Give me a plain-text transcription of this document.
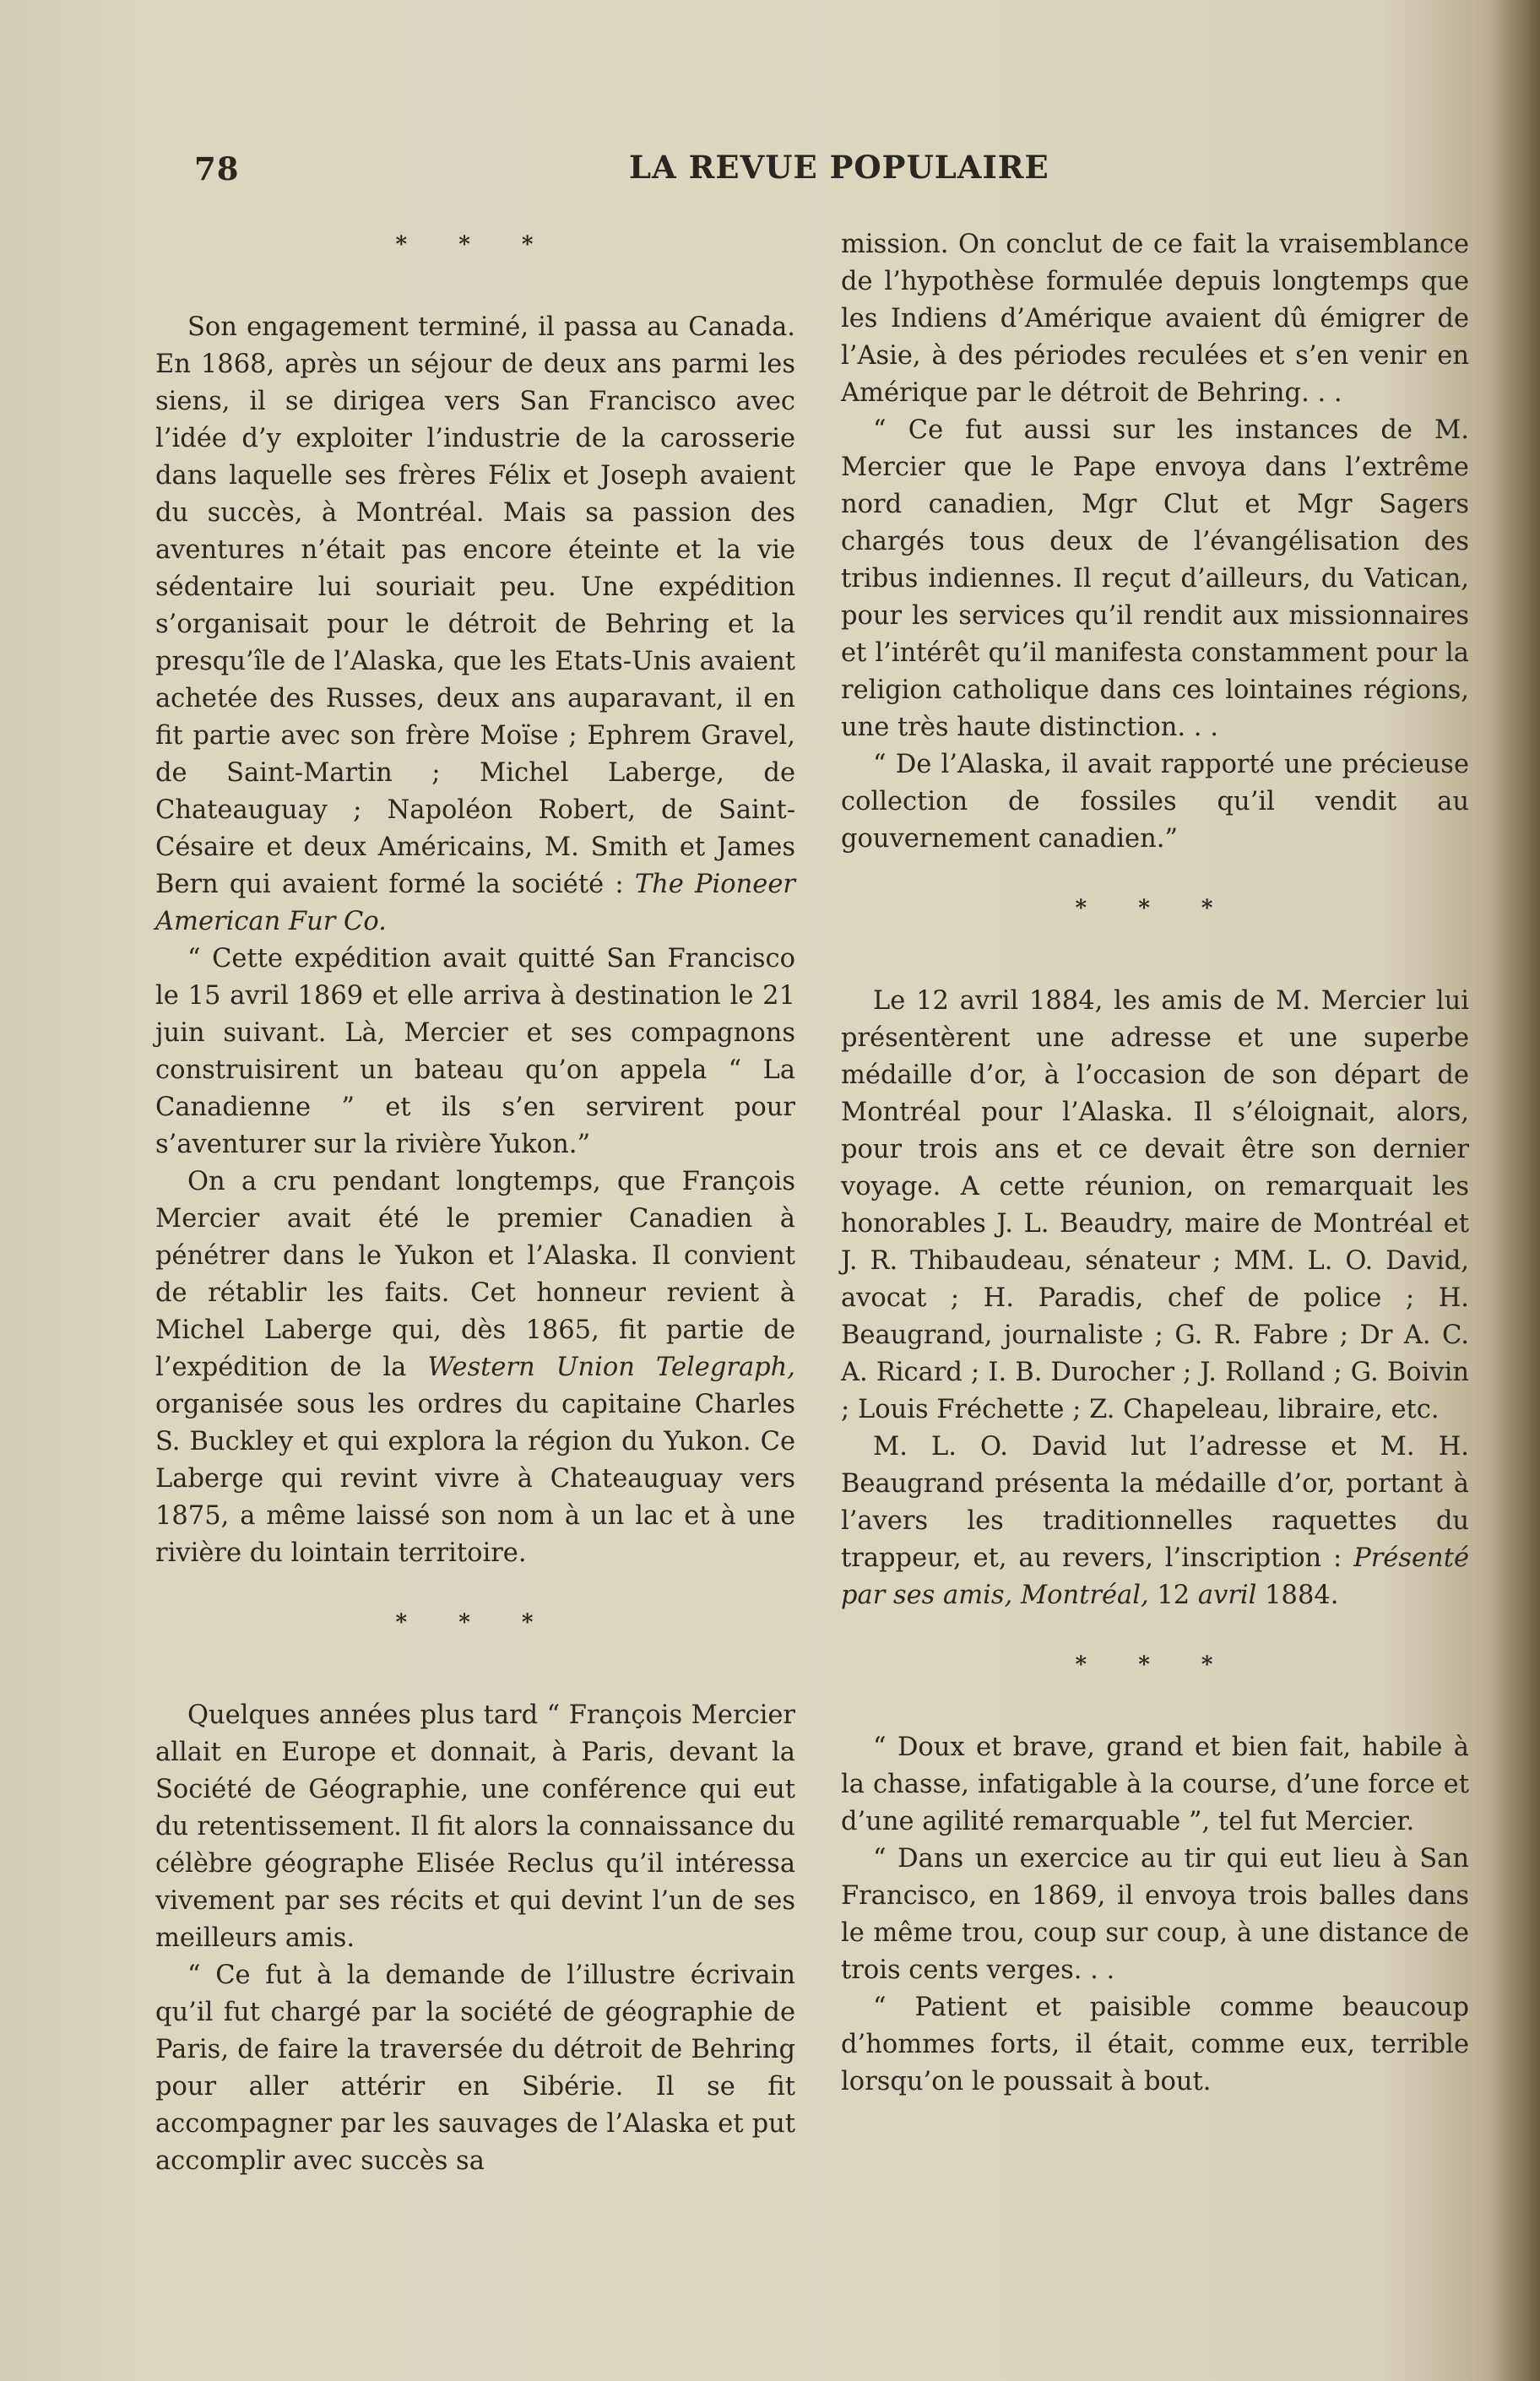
78	LA REVUE POPULAIRE
* * *

Son engagement terminé, il passa au Canada. En 1868, après un séjour de deux ans parmi les siens, il se dirigea vers San Francisco avec l’idée d’y exploiter l’industrie de la carosserie dans laquelle ses frères Félix et Joseph avaient du succès, à Montréal. Mais sa passion des aventures n’était pas encore éteinte et la vie sédentaire lui souriait peu. Une expédition s’organisait pour le détroit de Behring et la presqu’île de l’Alaska, que les Etats-Unis avaient achetée des Russes, deux ans auparavant, il en fit partie avec son frère Moïse ; Ephrem Gravel, de Saint-Martin ; Michel Laberge, de Chateauguay ; Napoléon Robert, de Saint-Césaire et deux Américains, M. Smith et James Bern qui avaient formé la société : The Pioneer American Fur Co.

“ Cette expédition avait quitté San Francisco le 15 avril 1869 et elle arriva à destination le 21 juin suivant. Là, Mercier et ses compagnons construisirent un bateau qu’on appela “ La Canadienne ” et ils s’en servirent pour s’aventurer sur la rivière Yukon.”

On a cru pendant longtemps, que François Mercier avait été le premier Canadien à pénétrer dans le Yukon et l’Alaska. Il convient de rétablir les faits. Cet honneur revient à Michel Laberge qui, dès 1865, fit partie de l’expédition de la Western Union Telegraph, organisée sous les ordres du capitaine Charles S. Buckley et qui explora la région du Yukon. Ce Laberge qui revint vivre à Chateauguay vers 1875, a même laissé son nom à un lac et à une rivière du lointain territoire.

* * *

Quelques années plus tard “ François Mercier allait en Europe et donnait, à Paris, devant la Société de Géographie, une conférence qui eut du retentissement. Il fit alors la connaissance du célèbre géographe Elisée Reclus qu’il intéressa vivement par ses récits et qui devint l’un de ses meilleurs amis.

“ Ce fut à la demande de l’illustre écrivain qu’il fut chargé par la société de géographie de Paris, de faire la traversée du détroit de Behring pour aller attérir en Sibérie. Il se fit accompagner par les sauvages de l’Alaska et put accomplir avec succès sa

mission. On conclut de ce fait la vraisemblance de l’hypothèse formulée depuis longtemps que les Indiens d’Amérique avaient dû émigrer de l’Asie, à des périodes reculées et s’en venir en Amérique par le détroit de Behring. . .

“ Ce fut aussi sur les instances de M. Mercier que le Pape envoya dans l’extrême nord canadien, Mgr Clut et Mgr Sagers chargés tous deux de l’évangélisation des tribus indiennes. Il reçut d’ailleurs, du Vatican, pour les services qu’il rendit aux missionnaires et l’intérêt qu’il manifesta constamment pour la religion catholique dans ces lointaines régions, une très haute distinction. . .

“ De l’Alaska, il avait rapporté une précieuse collection de fossiles qu’il vendit au gouvernement canadien.”

* * *

Le 12 avril 1884, les amis de M. Mercier lui présentèrent une adresse et une superbe médaille d’or, à l’occasion de son départ de Montréal pour l’Alaska. Il s’éloignait, alors, pour trois ans et ce devait être son dernier voyage. A cette réunion, on remarquait les honorables J. L. Beaudry, maire de Montréal et J. R. Thibaudeau, sénateur ; MM. L. O. David, avocat ; H. Paradis, chef de police ; H. Beaugrand, journaliste ; G. R. Fabre ; Dr A. C. A. Ricard ; I. B. Durocher ; J. Rolland ; G. Boivin ; Louis Fréchette ; Z. Chapeleau, libraire, etc.

M. L. O. David lut l’adresse et M. H. Beaugrand présenta la médaille d’or, portant à l’avers les traditionnelles raquettes du trappeur, et, au revers, l’inscription : Présenté par ses amis, Montréal, 12 avril 1884.

* * *

“ Doux et brave, grand et bien fait, habile à la chasse, infatigable à la course, d’une force et d’une agilité remarquable ”, tel fut Mercier.

“ Dans un exercice au tir qui eut lieu à San Francisco, en 1869, il envoya trois balles dans le même trou, coup sur coup, à une distance de trois cents verges. . .

“ Patient et paisible comme beaucoup d’hommes forts, il était, comme eux, terrible lorsqu’on le poussait à bout.
